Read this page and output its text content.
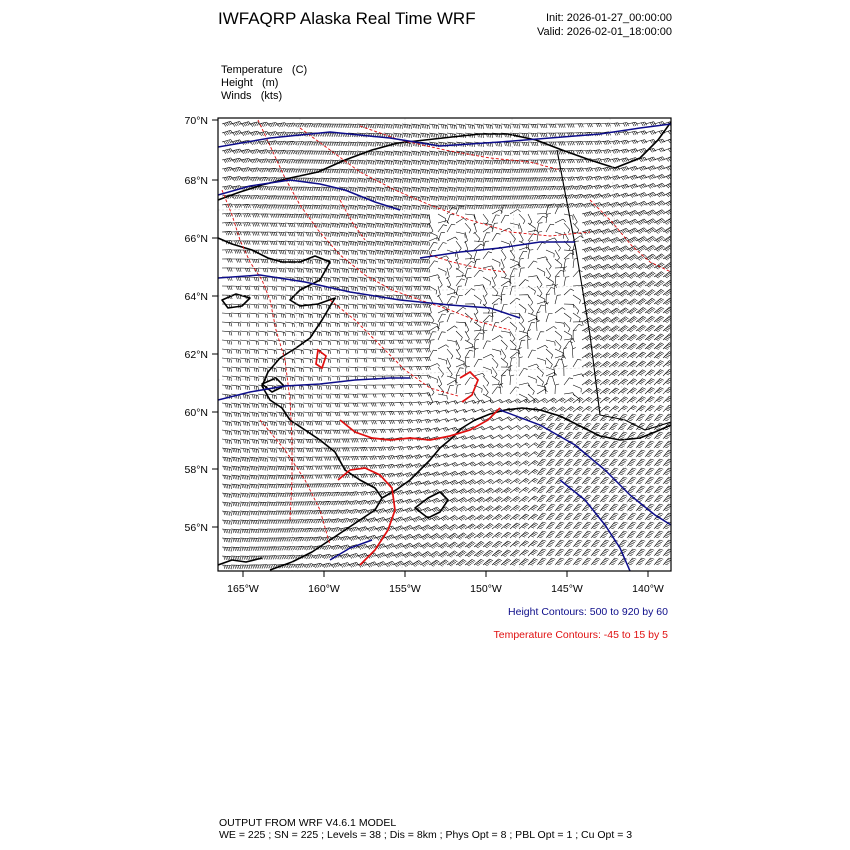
IWFAQRP Alaska Real Time WRF	Init: 2026-01-27_00:00:00
Valid: 2026-02-01_18:00:00
Temperature   (C)
Height   (m)
Winds   (kts)
70°N
68°N
66°N
64°N
62°N
60°N
58°N
56°N
165°W	160°W	155°W	150°W	145°W	140°W
Height Contours: 500 to 920 by 60
Temperature Contours: -45 to 15 by 5
OUTPUT FROM WRF V4.6.1 MODEL
WE = 225 ; SN = 225 ; Levels = 38 ; Dis = 8km ; Phys Opt = 8 ; PBL Opt = 1 ; Cu Opt = 3
